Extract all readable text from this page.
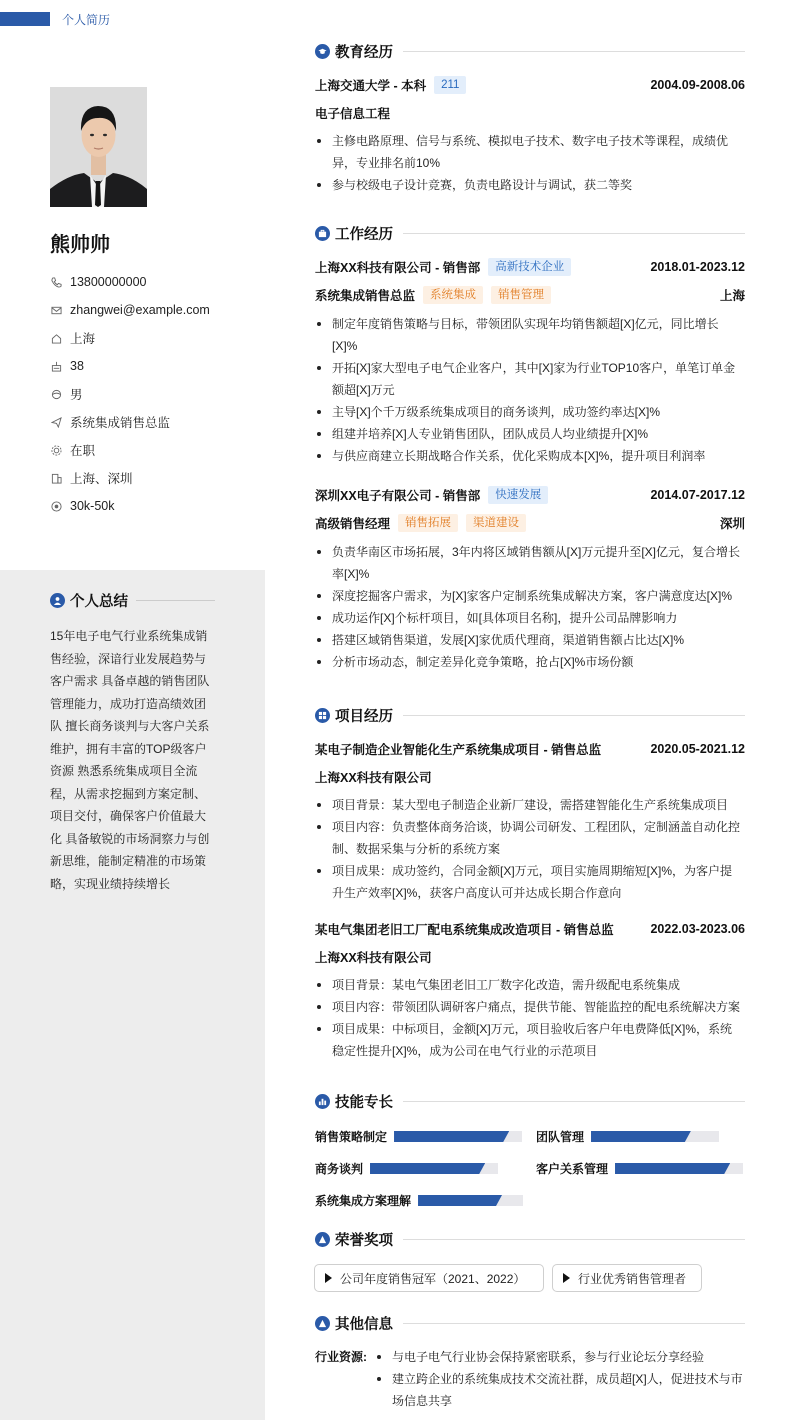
个人简历
熊帅帅
13800000000
zhangwei@example.com
上海
38
男
系统集成销售总监
在职
上海、深圳
30k-50k
个人总结
15年电子电气行业系统集成销售经验，深谙行业发展趋势与客户需求 具备卓越的销售团队管理能力，成功打造高绩效团队 擅长商务谈判与大客户关系维护，拥有丰富的TOP级客户资源 熟悉系统集成项目全流程，从需求挖掘到方案定制、项目交付，确保客户价值最大化 具备敏锐的市场洞察力与创新思维，能制定精准的市场策略，实现业绩持续增长
教育经历
上海交通大学 - 本科	211	2004.09-2008.06
电子信息工程
主修电路原理、信号与系统、模拟电子技术、数字电子技术等课程，成绩优异，专业排名前10%
参与校级电子设计竞赛，负责电路设计与调试，获二等奖
工作经历
上海XX科技有限公司 - 销售部	高新技术企业	2018.01-2023.12
系统集成销售总监	系统集成	销售管理	上海
制定年度销售策略与目标，带领团队实现年均销售额超[X]亿元，同比增长[X]%
开拓[X]家大型电子电气企业客户，其中[X]家为行业TOP10客户，单笔订单金额超[X]万元
主导[X]个千万级系统集成项目的商务谈判，成功签约率达[X]%
组建并培养[X]人专业销售团队，团队成员人均业绩提升[X]%
与供应商建立长期战略合作关系，优化采购成本[X]%，提升项目利润率
深圳XX电子有限公司 - 销售部	快速发展	2014.07-2017.12
高级销售经理	销售拓展	渠道建设	深圳
负责华南区市场拓展，3年内将区域销售额从[X]万元提升至[X]亿元，复合增长率[X]%
深度挖掘客户需求，为[X]家客户定制系统集成解决方案，客户满意度达[X]%
成功运作[X]个标杆项目，如[具体项目名称]，提升公司品牌影响力
搭建区域销售渠道，发展[X]家优质代理商，渠道销售额占比达[X]%
分析市场动态，制定差异化竞争策略，抢占[X]%市场份额
项目经历
某电子制造企业智能化生产系统集成项目 - 销售总监	2020.05-2021.12
上海XX科技有限公司
项目背景：某大型电子制造企业新厂建设，需搭建智能化生产系统集成项目
项目内容：负责整体商务洽谈，协调公司研发、工程团队，定制涵盖自动化控制、数据采集与分析的系统方案
项目成果：成功签约，合同金额[X]万元，项目实施周期缩短[X]%，为客户提升生产效率[X]%，获客户高度认可并达成长期合作意向
某电气集团老旧工厂配电系统集成改造项目 - 销售总监	2022.03-2023.06
上海XX科技有限公司
项目背景：某电气集团老旧工厂数字化改造，需升级配电系统集成
项目内容：带领团队调研客户痛点，提供节能、智能监控的配电系统解决方案
项目成果：中标项目，金额[X]万元，项目验收后客户年电费降低[X]%，系统稳定性提升[X]%，成为公司在电气行业的示范项目
技能专长
销售策略制定	团队管理
商务谈判	客户关系管理
系统集成方案理解
荣誉奖项
公司年度销售冠军（2021、2022）	行业优秀销售管理者
其他信息
行业资源:	与电子电气行业协会保持紧密联系，参与行业论坛分享经验
建立跨企业的系统集成技术交流社群，成员超[X]人，促进技术与市场信息共享
